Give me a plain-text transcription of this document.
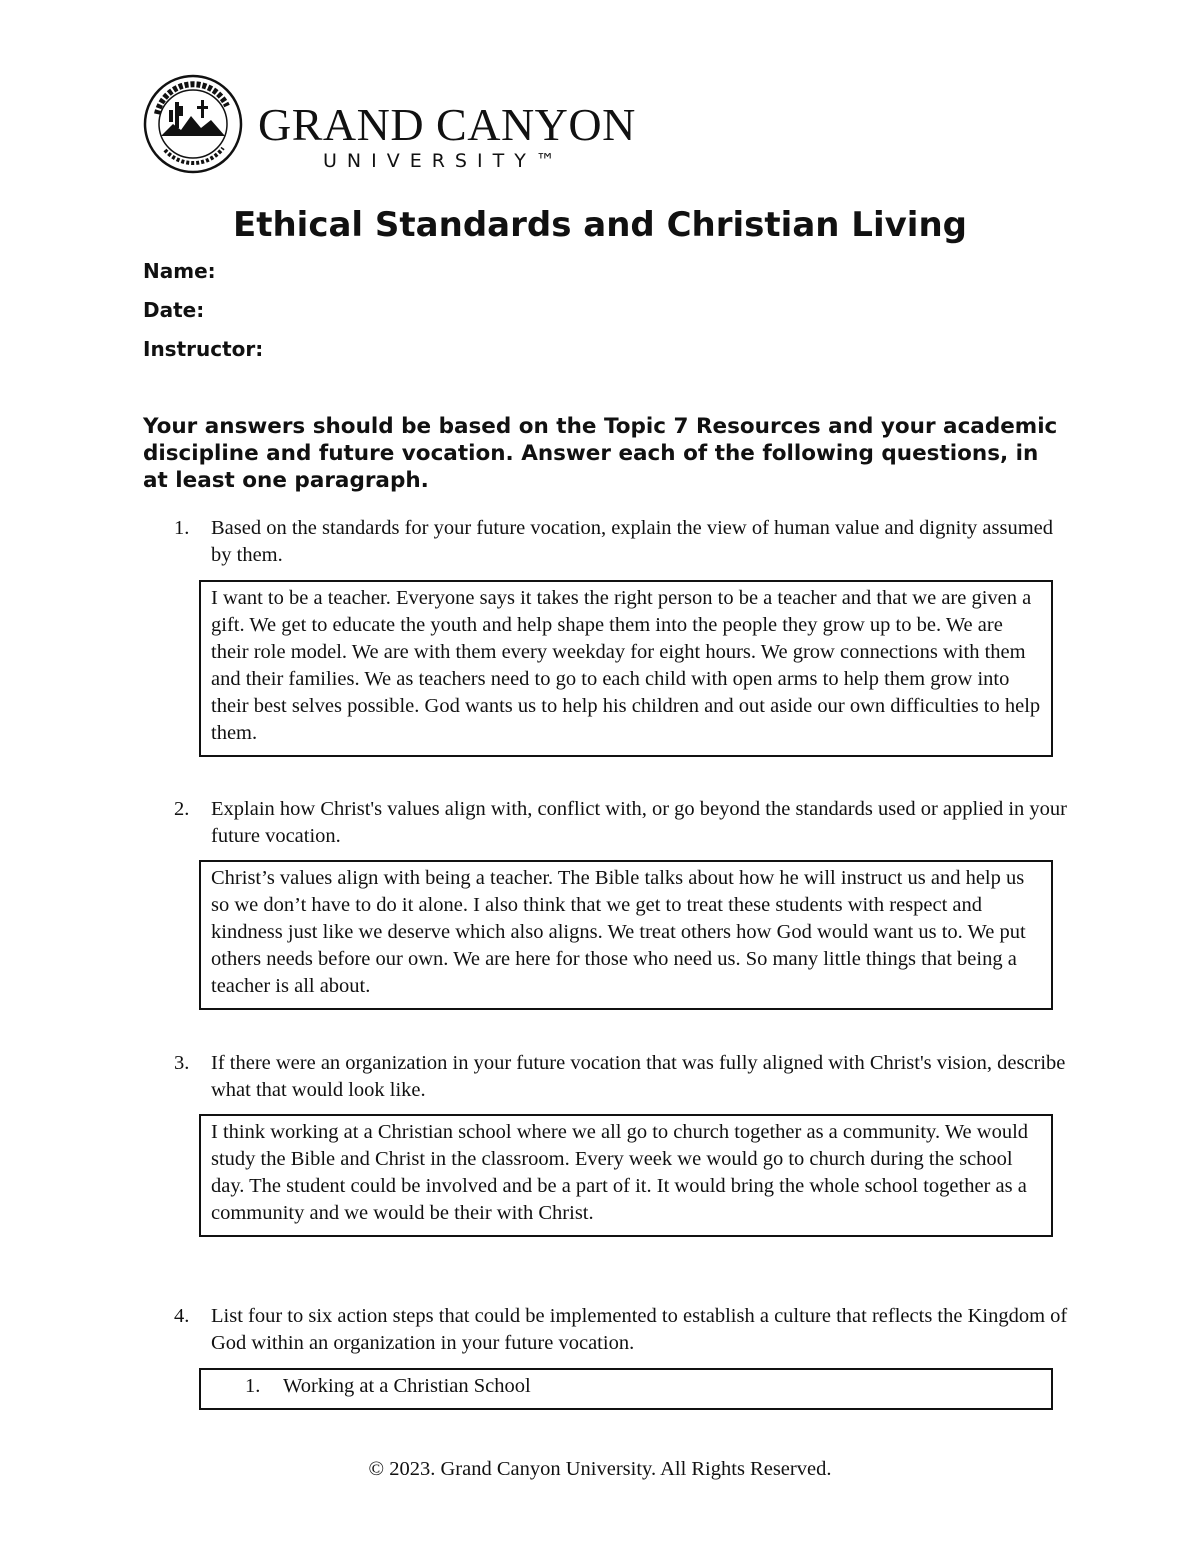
GRAND CANYON
UNIVERSITY™
Ethical Standards and Christian Living
Name:
Date:
Instructor:

Your answers should be based on the Topic 7 Resources and your academic discipline and future vocation. Answer each of the following questions, in at least one paragraph.

1. Based on the standards for your future vocation, explain the view of human value and dignity assumed by them.
I want to be a teacher. Everyone says it takes the right person to be a teacher and that we are given a gift. We get to educate the youth and help shape them into the people they grow up to be. We are their role model. We are with them every weekday for eight hours. We grow connections with them and their families. We as teachers need to go to each child with open arms to help them grow into their best selves possible. God wants us to help his children and out aside our own difficulties to help them.
2. Explain how Christ's values align with, conflict with, or go beyond the standards used or applied in your future vocation.
Christ’s values align with being a teacher. The Bible talks about how he will instruct us and help us so we don’t have to do it alone. I also think that we get to treat these students with respect and kindness just like we deserve which also aligns. We treat others how God would want us to. We put others needs before our own. We are here for those who need us. So many little things that being a teacher is all about.
3. If there were an organization in your future vocation that was fully aligned with Christ's vision, describe what that would look like.
I think working at a Christian school where we all go to church together as a community. We would study the Bible and Christ in the classroom. Every week we would go to church during the school day. The student could be involved and be a part of it. It would bring the whole school together as a community and we would be their with Christ.
4. List four to six action steps that could be implemented to establish a culture that reflects the Kingdom of God within an organization in your future vocation.
1. Working at a Christian School
© 2023. Grand Canyon University. All Rights Reserved.
